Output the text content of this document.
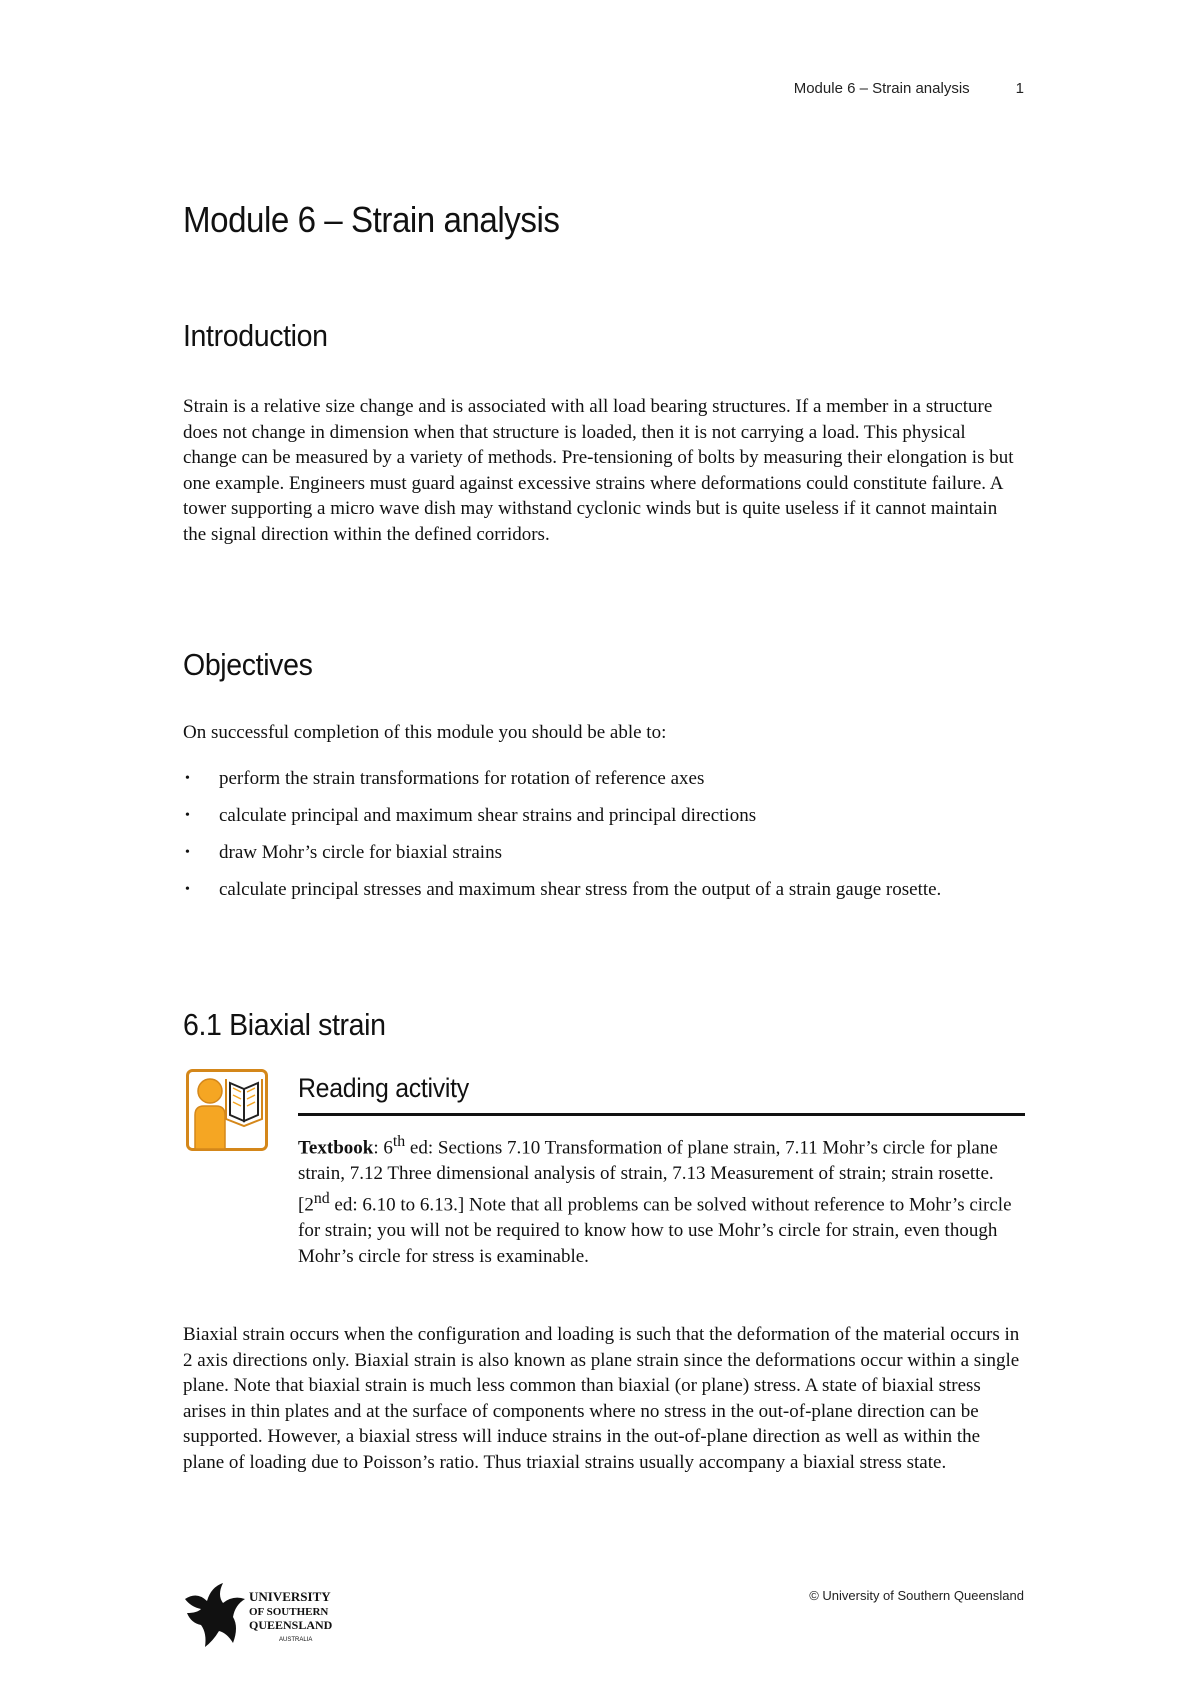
Module 6 – Strain analysis	1
Module 6 – Strain analysis
Introduction

Strain is a relative size change and is associated with all load bearing structures. If a member in a structure does not change in dimension when that structure is loaded, then it is not carrying a load. This physical change can be measured by a variety of methods. Pre-tensioning of bolts by measuring their elongation is but one example. Engineers must guard against excessive strains where deformations could constitute failure. A tower supporting a micro wave dish may withstand cyclonic winds but is quite useless if it cannot maintain the signal direction within the defined corridors.

Objectives

On successful completion of this module you should be able to:

• perform the strain transformations for rotation of reference axes
• calculate principal and maximum shear strains and principal directions
• draw Mohr’s circle for biaxial strains
• calculate principal stresses and maximum shear stress from the output of a strain gauge rosette.
6.1 Biaxial strain
Reading activity

Textbook: 6th ed: Sections 7.10 Transformation of plane strain, 7.11 Mohr’s circle for plane strain, 7.12 Three dimensional analysis of strain, 7.13 Measurement of strain; strain rosette. [2nd ed: 6.10 to 6.13.] Note that all problems can be solved without reference to Mohr’s circle for strain; you will not be required to know how to use Mohr’s circle for strain, even though Mohr’s circle for stress is examinable.

Biaxial strain occurs when the configuration and loading is such that the deformation of the material occurs in 2 axis directions only. Biaxial strain is also known as plane strain since the deformations occur within a single plane. Note that biaxial strain is much less common than biaxial (or plane) stress. A state of biaxial stress arises in thin plates and at the surface of components where no stress in the out-of-plane direction can be supported. However, a biaxial stress will induce strains in the out-of-plane direction as well as within the plane of loading due to Poisson’s ratio. Thus triaxial strains usually accompany a biaxial stress state.

UNIVERSITY
OF SOUTHERN
QUEENSLAND
AUSTRALIA
© University of Southern Queensland
